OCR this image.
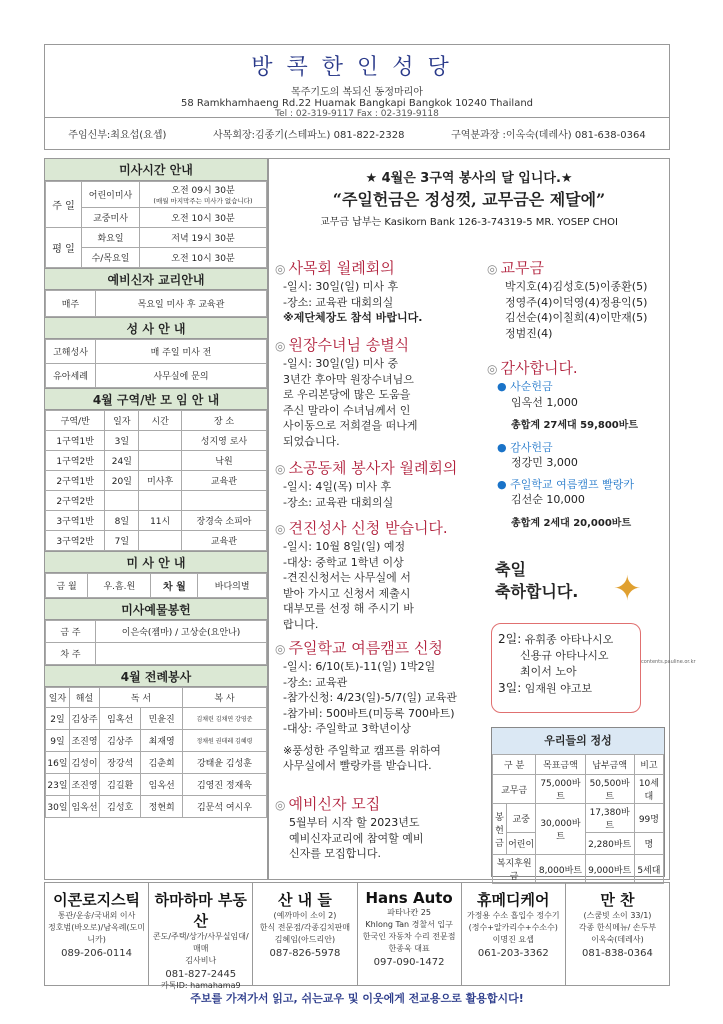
방콕한인성당
목주기도의 복되신 동정마리아
58 Ramkhamhaeng Rd.22 Huamak Bangkapi Bangkok 10240 Thailand
Tel : 02-319-9117 Fax : 02-319-9118
주임신부:최요섭(요셉)	사목회장:김종기(스테파노) 081-822-2328	구역분과장 :이옥숙(데레사) 081-638-0364
미사시간 안내
주 일	어린이미사	오전 09시 30분
(매월 마지막주는 미사가 없습니다)
	교중미사	오전 10시 30분
평 일	화요일	저녁 19시 30분
	수/목요일	오전 10시 30분
예비신자 교리안내
매주	목요일 미사 후 교육관
성 사 안 내
고해성사	매 주일 미사 전
유아세례	사무실에 문의
4월 구역/반 모 임 안 내
구역/반	일자	시간	장 소
1구역1반	3일		성지영 로사
1구역2반	24일		낙원
2구역1반	20일	미사후	교육관
2구역2반			
3구역1반	8일	11시	장경숙 소피아
3구역2반	7일		교육관
미 사 안 내
금 월	우.흠.원	차 월	바다의별
미사예물봉헌
금 주	이은숙(젬마) / 고상순(요안나)
차 주	
4월 전례봉사
일자	해설	독 서		복 사
2일	김상주	임혹선	민윤진	김채린 김채연 강영준
9일	조진영	김상주	최재영	정채원 권데레 김혜령
16일	김성이	장강석	김춘희	강태윤 김성훈
23일	조진영	김길환	임옥선	김영진 정재욱
30일	임옥선	김성호	정현희	김문석 여시우
★ 4월은 3구역 봉사의 달 입니다.★
“주일헌금은 정성껏, 교무금은 제달에”
교무금 납부는 Kasikorn Bank 126-3-74319-5 MR. YOSEP CHOI
◎ 사목회 월례회의
-일시: 30일(일) 미사 후
-장소: 교육관 대회의실
※제단체장도 참석 바랍니다.
◎ 원장수녀님 송별식
-일시: 30일(일) 미사 중
3년간 후아막 원장수녀님으
로 우리본당에 많은 도움을
주신 말라이 수녀님께서 인
사이동으로 저희곁을 떠나게
되었습니다.
◎ 소공동체 봉사자 월례회의
-일시: 4일(목) 미사 후
-장소: 교육관 대회의실
◎ 견진성사 신청 받습니다.
-일시: 10월 8일(일) 예정
-대상: 중학교 1학년 이상
-견진신청서는 사무실에 서
받아 가시고 신청서 제출시
대부모를 선정 해 주시기 바
랍니다.
◎ 주일학교 여름캠프 신청
-일시: 6/10(토)-11(일) 1박2일
-장소: 교육관
-참가신청: 4/23(일)-5/7(일) 교육관
-참가비: 500바트(미등록 700바트)
-대상: 주일학교 3학년이상
※풍성한 주일학교 캠프를 위하여
사무실에서 빨랑카를 받습니다.
◎ 예비신자 모집
5월부터 시작 할 2023년도
예비신자교리에 참여할 예비
신자를 모집합니다.
◎ 교무금
박지호(4)김성호(5)이종환(5)
정영주(4)이덕영(4)정용익(5)
김선순(4)이칠희(4)이만재(5)
정범진(4)
◎ 감사합니다.
● 사순헌금
임옥선 1,000
총합계 27세대 59,800바트
● 감사헌금
정강민 3,000
● 주일학교 여름캠프 빨랑카
김선순 10,000
총합계 2세대 20,000바트
축일
축하합니다. ✦
2일: 유휘종 아타나시오
신용규 아타나시오
최이서 노아
3일: 임재원 야고보
contents.pauline.or.kr
우리들의 정성
구 분		목표금액	납부금액	비고
교무금		75,000바트	50,500바트	10세대
봉헌금	교중	30,000바트	17,380바트	99명
	어린이		2,280바트	명
복지후원금		8,000바트	9,000바트	5세대
이콘로지스틱
통관/운송/국내외 이사
정호범(바오로)/남옥례(도미니카)
089-206-0114
하마하마 부동산
콘도/주택/상가/사무실임대/매매
김사비나
081-827-2445
카톡ID: hamahama9
산 내 들
(예까마이 소이 2)
한식 전문점/각종김치판매
김혜임(아드리안)
087-826-5978
Hans Auto
파타나칸 25
Khlong Tan 경찰서 입구
한국인 자동차 수리 전문점
한종욱 대표
097-090-1472
휴메디케어
가정용 수소 흡입수 정수기
(정수+알카리수+수소수)
이명진 요셉
061-203-3362
만 찬
(스쿰빗 소이 33/1)
각종 한식메뉴/ 손두부
이옥숙(데레사)
081-838-0364
주보를 가져가서 읽고, 쉬는교우 및 이웃에게 전교용으로 활용합시다!
